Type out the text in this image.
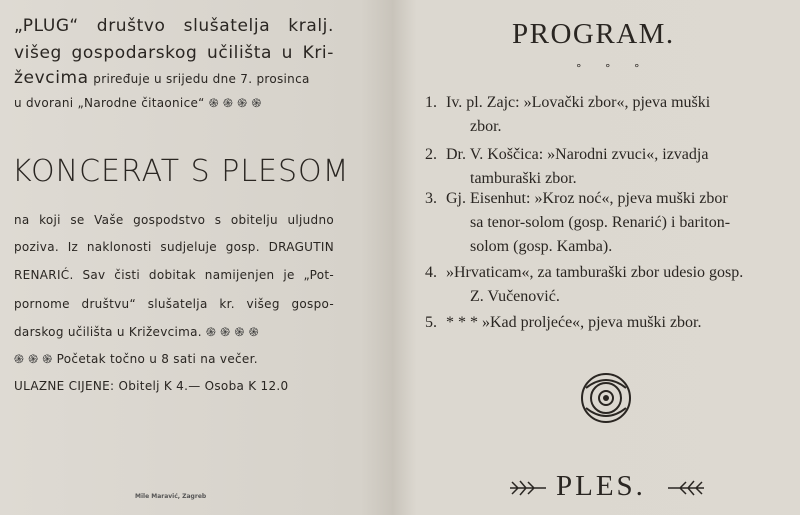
„PLUG“ društvo slušatelja kralj.
višeg gospodarskog učilišta u Kri-
ževcima priređuje u srijedu dne 7. prosinca
u dvorani „Narodne čitaonice“ ֍ ֍ ֍ ֍
KONCERAT S PLESOM
na koji se Vaše gospodstvo s obitelju uljudno
poziva. Iz naklonosti sudjeluje gosp. DRAGUTIN
RENARIĆ. Sav čisti dobitak namijenjen je „Pot-
pornome društvu“ slušatelja kr. višeg gospo-
darskog učilišta u Križevcima. ֍ ֍ ֍ ֍
֍ ֍ ֍ Početak točno u 8 sati na večer.
ULAZNE CIJENE: Obitelj K 4.— Osoba K 12.0
Mile Maravić, Zagreb
PROGRAM.
° ° °
1. Iv. pl. Zajc: »Lovački zbor«, pjeva muški
zbor.
2. Dr. V. Koščica: »Narodni zvuci«, izvadja
tamburaški zbor.
3. Gj. Eisenhut: »Kroz noć«, pjeva muški zbor
sa tenor-solom (gosp. Renarić) i bariton-
solom (gosp. Kamba).
4. »Hrvaticam«, za tamburaški zbor udesio gosp.
Z. Vučenović.
5. * * * »Kad proljeće«, pjeva muški zbor.
PLES.
